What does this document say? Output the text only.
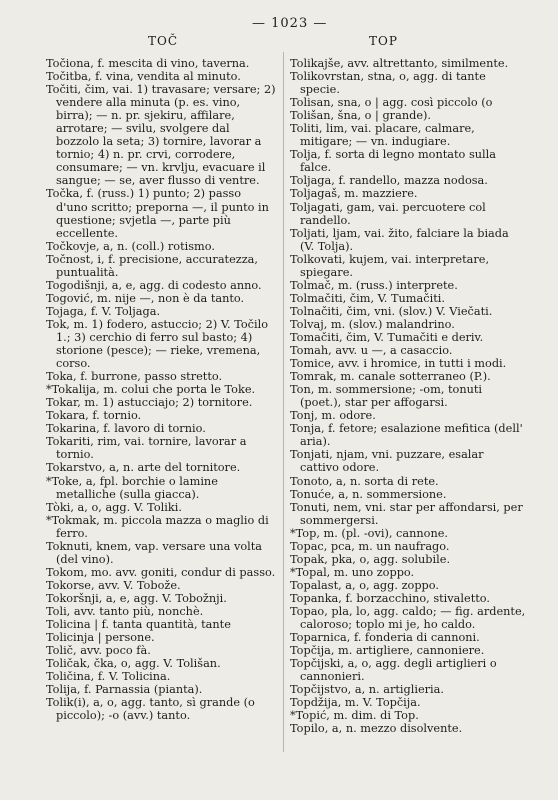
TOČ
— 1023 —
TOP

Točiona, f. mescita di vino, taverna.

Točitba, f. vina, vendita al minuto.

Točiti, čim, vai. 1) travasare; versare; 2) vendere alla minuta (p. es. vino, birra); — n. pr. sjekiru, affilare, arrotare; — svilu, svolgere dal bozzolo la seta; 3) tornire, lavorar a tornio; 4) n. pr. crvi, corrodere, consumare; — vn. krvlju, evacuare il sangue; — se, aver flusso di ventre.

Točka, f. (russ.) 1) punto; 2) passo d'uno scritto; preporna —, il punto in questione; svjetla —, parte più eccellente.

Točkovje, a, n. (coll.) rotismo.

Točnost, i, f. precisione, accuratezza, puntualità.

Togodišnji, a, e, agg. di codesto anno.

Togović, m. nije —, non è da tanto.

Tojaga, f. V. Toljaga.

Tok, m. 1) fodero, astuccio; 2) V. Točilo 1.; 3) cerchio di ferro sul basto; 4) storione (pesce); — rieke, vremena, corso.

Toka, f. burrone, passo stretto.

*Tokalija, m. colui che porta le Toke.

Tokar, m. 1) astucciajo; 2) tornitore.

Tokara, f. tornio.

Tokarina, f. lavoro di tornio.

Tokariti, rim, vai. tornire, lavorar a tornio.

Tokarstvo, a, n. arte del tornitore.

*Toke, a, fpl. borchie o lamine metalliche (sulla giacca).

Tòki, a, o, agg. V. Toliki.

*Tokmak, m. piccola mazza o maglio di ferro.

Toknuti, knem, vap. versare una volta (del vino).

Tokom, mo. avv. goniti, condur di passo.

Tokorse, avv. V. Tobože.

Tokoršnji, a, e, agg. V. Tobožnji.

Toli, avv. tanto più, nonchè.

Tolicina | f. tanta quantità, tante

Tolicinja | persone.

Tolič, avv. poco fà.

Toličak, čka, o, agg. V. Tolišan.

Toličina, f. V. Tolicina.

Tolija, f. Parnassia (pianta).

Tolik(i), a, o, agg. tanto, sì grande (o piccolo); -o (avv.) tanto.

Tolikajše, avv. altrettanto, similmente.

Tolikovrstan, stna, o, agg. di tante specie.

Tolisan, sna, o | agg. così piccolo (o

Tolišan, šna, o | grande).

Toliti, lim, vai. placare, calmare, mitigare; — vn. indugiare.

Tolja, f. sorta di legno montato sulla falce.

Toljaga, f. randello, mazza nodosa.

Toljagaš, m. mazziere.

Toljagati, gam, vai. percuotere col randello.

Toljati, ljam, vai. žito, falciare la biada (V. Tolja).

Tolkovati, kujem, vai. interpretare, spiegare.

Tolmač, m. (russ.) interprete.

Tolmačiti, čim, V. Tumačiti.

Tolnačiti, čim, vni. (slov.) V. Viečati.

Tolvaj, m. (slov.) malandrino.

Tomačiti, čim, V. Tumačiti e deriv.

Tomah, avv. u —, a casaccio.

Tomice, avv. i hromice, in tutti i modi.

Tomrak, m. canale sotterraneo (P.).

Ton, m. sommersione; -om, tonuti (poet.), star per affogarsi.

Tonj, m. odore.

Tonja, f. fetore; esalazione mefitica (dell' aria).

Tonjati, njam, vni. puzzare, esalar cattivo odore.

Tonoto, a, n. sorta di rete.

Tonuće, a, n. sommersione.

Tonuti, nem, vni. star per affondarsi, per sommergersi.

*Top, m. (pl. -ovi), cannone.

Topac, pca, m. un naufrago.

Topak, pka, o, agg. solubile.

*Topal, m. uno zoppo.

Topalast, a, o, agg. zoppo.

Topanka, f. borzacchino, stivaletto.

Topao, pla, lo, agg. caldo; — fig. ardente, caloroso; toplo mi je, ho caldo.

Toparnica, f. fonderia di cannoni.

Topčija, m. artigliere, cannoniere.

Topčijski, a, o, agg. degli artiglieri o cannonieri.

Topčijstvo, a, n. artiglieria.

Topdžija, m. V. Topčija.

*Topić, m. dim. di Top.

Topilo, a, n. mezzo disolvente.
